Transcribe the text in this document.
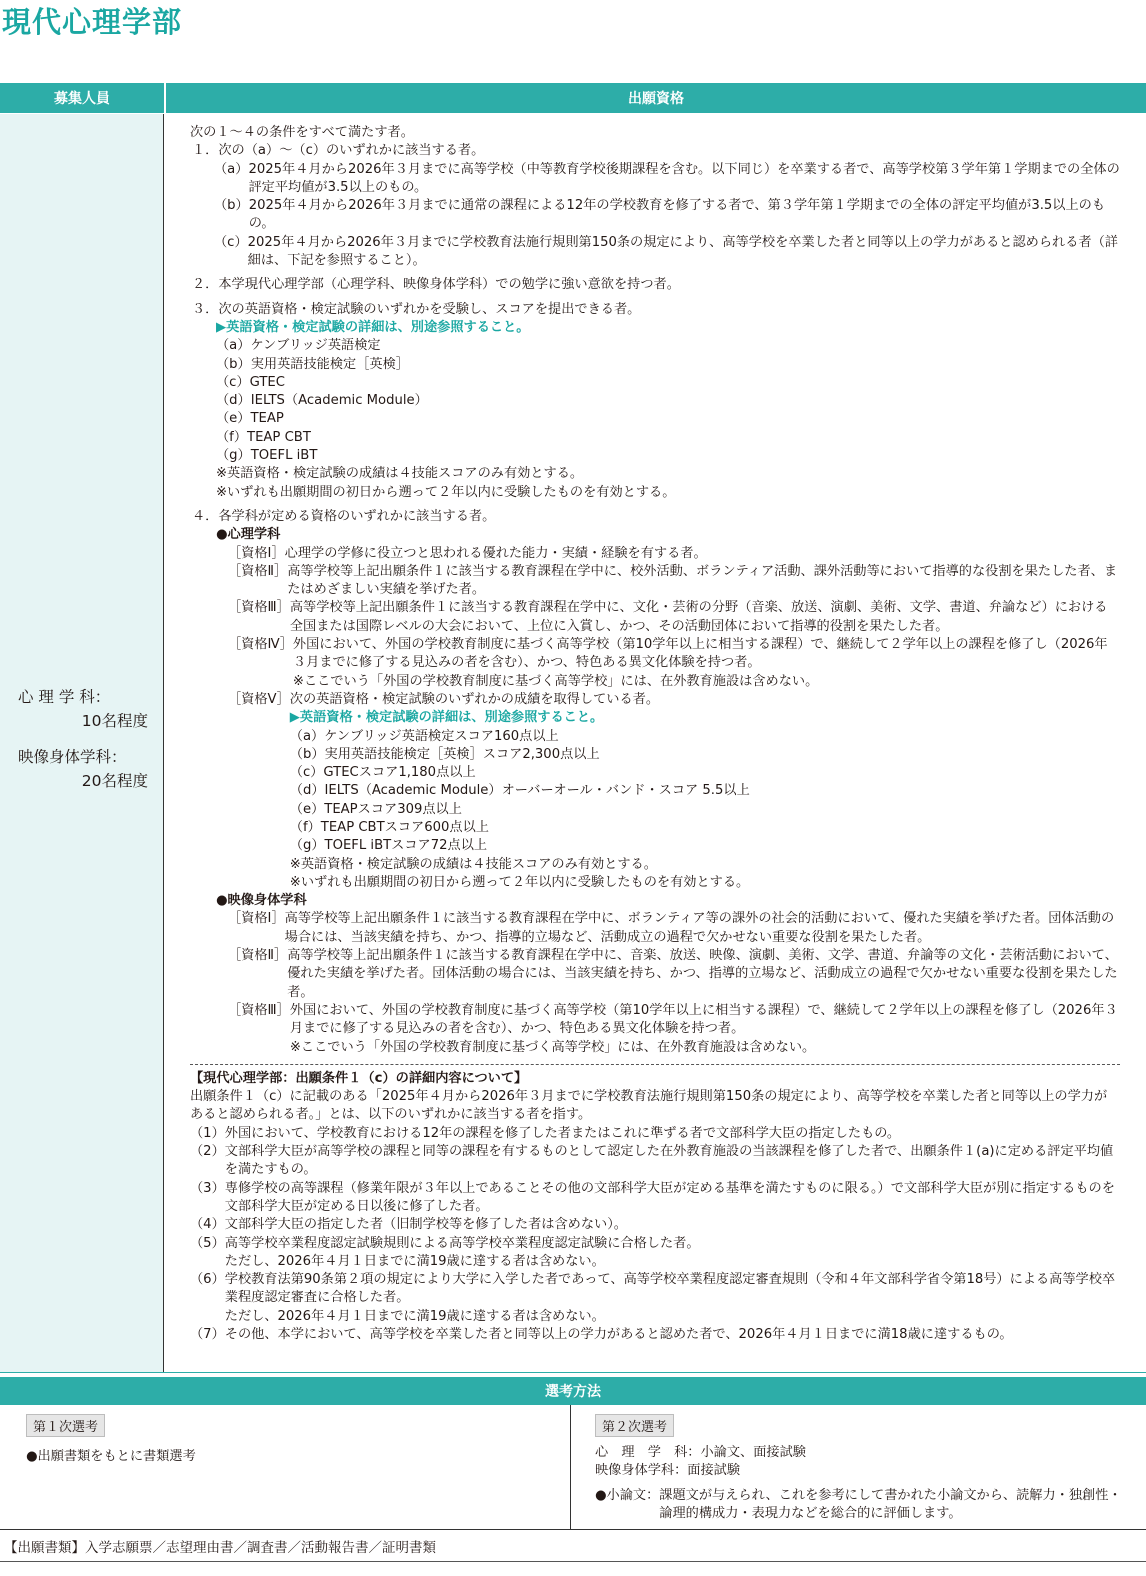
現代心理学部
募集人員	出願資格
心 理 学 科：
10名程度
映像身体学科：
20名程度
次の１～４の条件をすべて満たす者。
１．次の（a）～（c）のいずれかに該当する者。
（a） 2025年４月から2026年３月までに高等学校（中等教育学校後期課程を含む。以下同じ）を卒業する者で、高等学校第３学年第１学期までの全体の評定平均値が3.5以上のもの。
（b） 2025年４月から2026年３月までに通常の課程による12年の学校教育を修了する者で、第３学年第１学期までの全体の評定平均値が3.5以上のもの。
（c） 2025年４月から2026年３月までに学校教育法施行規則第150条の規定により、高等学校を卒業した者と同等以上の学力があると認められる者（詳細は、下記を参照すること）。
２．本学現代心理学部（心理学科、映像身体学科）での勉学に強い意欲を持つ者。
３．次の英語資格・検定試験のいずれかを受験し、スコアを提出できる者。
▶英語資格・検定試験の詳細は、別途参照すること。
（a）ケンブリッジ英語検定
（b）実用英語技能検定［英検］
（c）GTEC
（d）IELTS（Academic Module）
（e）TEAP
（f）TEAP CBT
（g）TOEFL iBT
※英語資格・検定試験の成績は４技能スコアのみ有効とする。
※いずれも出願期間の初日から遡って２年以内に受験したものを有効とする。
４．各学科が定める資格のいずれかに該当する者。
●心理学科
［資格Ⅰ］ 心理学の学修に役立つと思われる優れた能力・実績・経験を有する者。
［資格Ⅱ］ 高等学校等上記出願条件１に該当する教育課程在学中に、校外活動、ボランティア活動、課外活動等において指導的な役割を果たした者、またはめざましい実績を挙げた者。
［資格Ⅲ］ 高等学校等上記出願条件１に該当する教育課程在学中に、文化・芸術の分野（音楽、放送、演劇、美術、文学、書道、弁論など）における全国または国際レベルの大会において、上位に入賞し、かつ、その活動団体において指導的役割を果たした者。
［資格Ⅳ］ 外国において、外国の学校教育制度に基づく高等学校（第10学年以上に相当する課程）で、継続して２学年以上の課程を修了し（2026年３月までに修了する見込みの者を含む）、かつ、特色ある異文化体験を持つ者。
※ここでいう「外国の学校教育制度に基づく高等学校」には、在外教育施設は含めない。
［資格Ⅴ］ 次の英語資格・検定試験のいずれかの成績を取得している者。
▶英語資格・検定試験の詳細は、別途参照すること。
（a）ケンブリッジ英語検定スコア160点以上
（b）実用英語技能検定［英検］スコア2,300点以上
（c）GTECスコア1,180点以上
（d）IELTS（Academic Module）オーバーオール・バンド・スコア 5.5以上
（e）TEAPスコア309点以上
（f）TEAP CBTスコア600点以上
（g）TOEFL iBTスコア72点以上
※英語資格・検定試験の成績は４技能スコアのみ有効とする。
※いずれも出願期間の初日から遡って２年以内に受験したものを有効とする。
●映像身体学科
［資格Ⅰ］ 高等学校等上記出願条件１に該当する教育課程在学中に、ボランティア等の課外の社会的活動において、優れた実績を挙げた者。団体活動の場合には、当該実績を持ち、かつ、指導的立場など、活動成立の過程で欠かせない重要な役割を果たした者。
［資格Ⅱ］ 高等学校等上記出願条件１に該当する教育課程在学中に、音楽、放送、映像、演劇、美術、文学、書道、弁論等の文化・芸術活動において、優れた実績を挙げた者。団体活動の場合には、当該実績を持ち、かつ、指導的立場など、活動成立の過程で欠かせない重要な役割を果たした者。
［資格Ⅲ］ 外国において、外国の学校教育制度に基づく高等学校（第10学年以上に相当する課程）で、継続して２学年以上の課程を修了し（2026年３月までに修了する見込みの者を含む）、かつ、特色ある異文化体験を持つ者。
※ここでいう「外国の学校教育制度に基づく高等学校」には、在外教育施設は含めない。
【現代心理学部：出願条件１（c）の詳細内容について】
出願条件１（c）に記載のある「2025年４月から2026年３月までに学校教育法施行規則第150条の規定により、高等学校を卒業した者と同等以上の学力があると認められる者。」とは、以下のいずれかに該当する者を指す。
（1） 外国において、学校教育における12年の課程を修了した者またはこれに準ずる者で文部科学大臣の指定したもの。
（2） 文部科学大臣が高等学校の課程と同等の課程を有するものとして認定した在外教育施設の当該課程を修了した者で、出願条件１(a)に定める評定平均値を満たすもの。
（3） 専修学校の高等課程（修業年限が３年以上であることその他の文部科学大臣が定める基準を満たすものに限る。）で文部科学大臣が別に指定するものを文部科学大臣が定める日以後に修了した者。
（4） 文部科学大臣の指定した者（旧制学校等を修了した者は含めない）。
（5） 高等学校卒業程度認定試験規則による高等学校卒業程度認定試験に合格した者。
ただし、2026年４月１日までに満19歳に達する者は含めない。
（6） 学校教育法第90条第２項の規定により大学に入学した者であって、高等学校卒業程度認定審査規則（令和４年文部科学省令第18号）による高等学校卒業程度認定審査に合格した者。
ただし、2026年４月１日までに満19歳に達する者は含めない。
（7） その他、本学において、高等学校を卒業した者と同等以上の学力があると認めた者で、2026年４月１日までに満18歳に達するもの。
選考方法
第１次選考
●出願書類をもとに書類選考
第２次選考
心　理　学　科：小論文、面接試験
映像身体学科：面接試験
●小論文： 課題文が与えられ、これを参考にして書かれた小論文から、読解力・独創性・論理的構成力・表現力などを総合的に評価します。
【出願書類】入学志願票／志望理由書／調査書／活動報告書／証明書類
